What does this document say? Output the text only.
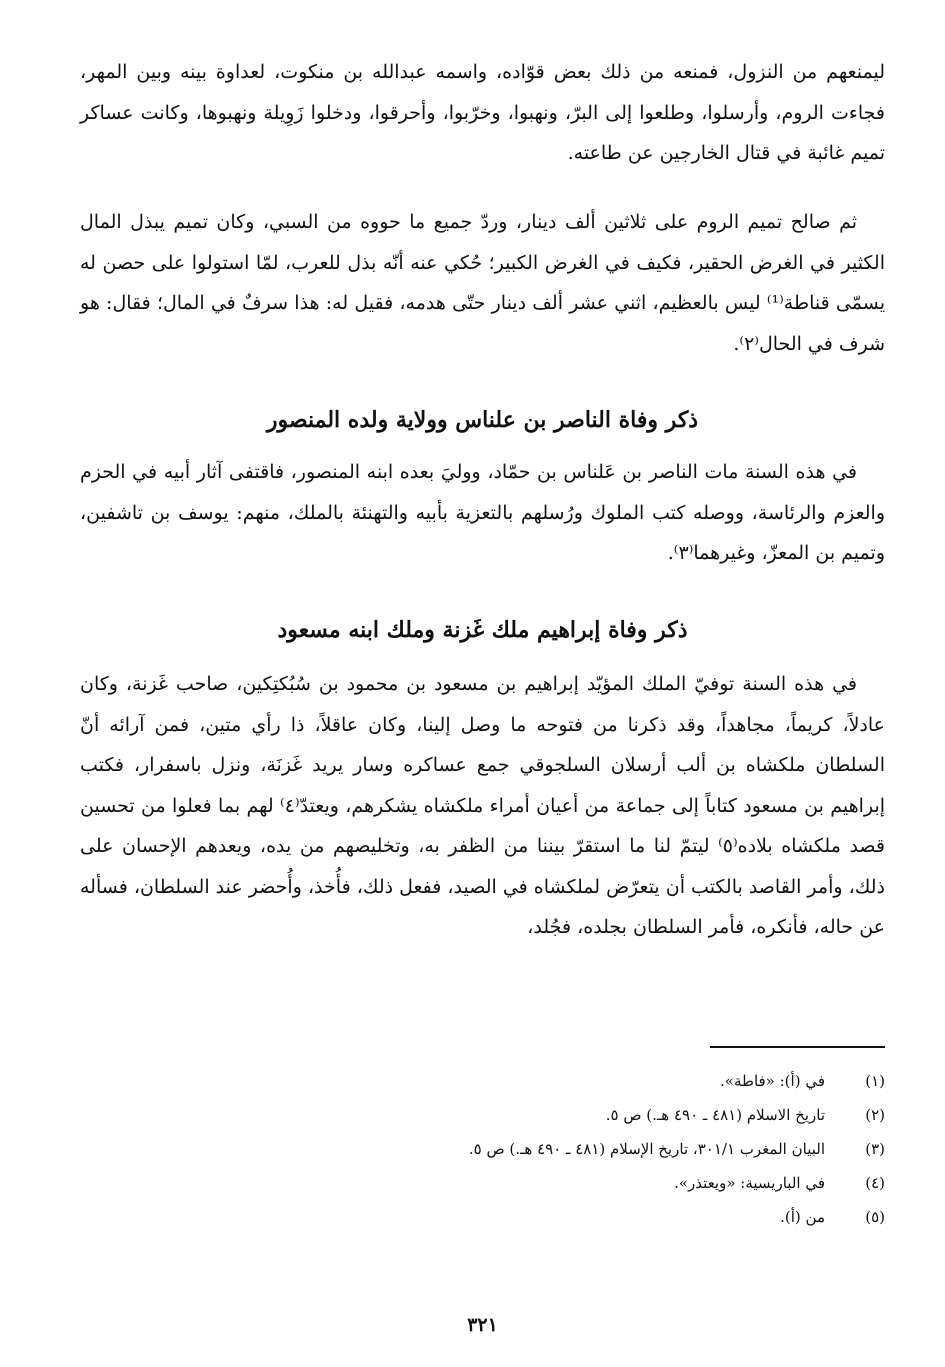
ليمنعهم من النزول، فمنعه من ذلك بعض قوّاده، واسمه عبدالله بن منكوت، لعداوة بينه وبين المهر، فجاءت الروم، وأرسلوا، وطلعوا إلى البرّ، ونهبوا، وخرّبوا، وأحرقوا، ودخلوا زَوِيلة ونهبوها، وكانت عساكر تميم غائبة في قتال الخارجين عن طاعته.

ثم صالح تميم الروم على ثلاثين ألف دينار، وردّ جميع ما حووه من السبي، وكان تميم يبذل المال الكثير في الغرض الحقير، فكيف في الغرض الكبير؛ حُكي عنه أنّه بذل للعرب، لمّا استولوا على حصن له يسمّى قناطة⁽¹⁾ ليس بالعظيم، اثني عشر ألف دينار حتّى هدمه، فقيل له: هذا سرفٌ في المال؛ فقال: هو شرف في الحال⁽٢⁾.

ذكر وفاة الناصر بن علناس وولاية ولده المنصور

في هذه السنة مات الناصر بن عَلناس بن حمّاد، ووليَ بعده ابنه المنصور، فاقتفى آثار أبيه في الحزم والعزم والرئاسة، ووصله كتب الملوك ورُسلهم بالتعزية بأبيه والتهنئة بالملك، منهم: يوسف بن تاشفين، وتميم بن المعزّ، وغيرهما⁽٣⁾.

ذكر وفاة إبراهيم ملك غَزنة وملك ابنه مسعود

في هذه السنة توفيّ الملك المؤيّد إبراهيم بن مسعود بن محمود بن سُبُكتِكين، صاحب غَزنة، وكان عادلاً، كريماً، مجاهداً، وقد ذكرنا من فتوحه ما وصل إلينا، وكان عاقلاً، ذا رأي متين، فمن آرائه أنّ السلطان ملكشاه بن ألب أرسلان السلجوقي جمع عساكره وسار يريد غَزنَة، ونزل باسفرار، فكتب إبراهيم بن مسعود كتاباً إلى جماعة من أعيان أمراء ملكشاه يشكرهم، ويعتدّ⁽٤⁾ لهم بما فعلوا من تحسين قصد ملكشاه بلاده⁽٥⁾ ليتمّ لنا ما استقرّ بيننا من الظفر به، وتخليصهم من يده، ويعدهم الإحسان على ذلك، وأمر القاصد بالكتب أن يتعرّض لملكشاه في الصيد، ففعل ذلك، فأُخذ، وأُحضر عند السلطان، فسأله عن حاله، فأنكره، فأمر السلطان بجلده، فجُلد،

(١)
في (أ): «فاطة».
(٢)
تاريخ الاسلام (٤٨١ ـ ٤٩٠ هـ.) ص ٥.
(٣)
البيان المغرب ٣٠١/١، تاريخ الإسلام (٤٨١ ـ ٤٩٠ هـ.) ص ٥.
(٤)
في الباريسية: «ويعتذر».
(٥)
من (أ).
٣٢١
